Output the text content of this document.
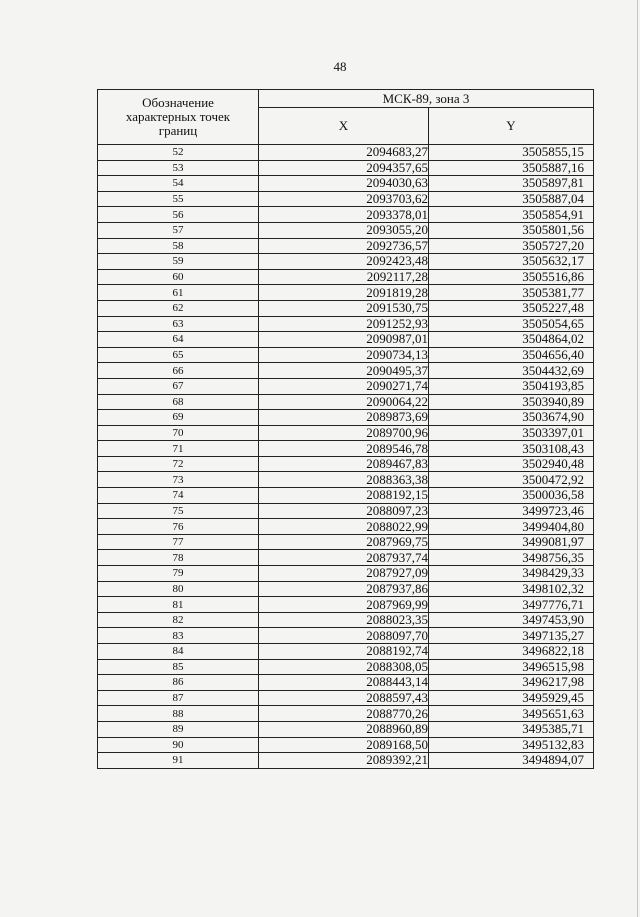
48
Обозначение
характерных точек
границ	МСК-89, зона 3	
	X	Y
52	2094683,27	3505855,15
53	2094357,65	3505887,16
54	2094030,63	3505897,81
55	2093703,62	3505887,04
56	2093378,01	3505854,91
57	2093055,20	3505801,56
58	2092736,57	3505727,20
59	2092423,48	3505632,17
60	2092117,28	3505516,86
61	2091819,28	3505381,77
62	2091530,75	3505227,48
63	2091252,93	3505054,65
64	2090987,01	3504864,02
65	2090734,13	3504656,40
66	2090495,37	3504432,69
67	2090271,74	3504193,85
68	2090064,22	3503940,89
69	2089873,69	3503674,90
70	2089700,96	3503397,01
71	2089546,78	3503108,43
72	2089467,83	3502940,48
73	2088363,38	3500472,92
74	2088192,15	3500036,58
75	2088097,23	3499723,46
76	2088022,99	3499404,80
77	2087969,75	3499081,97
78	2087937,74	3498756,35
79	2087927,09	3498429,33
80	2087937,86	3498102,32
81	2087969,99	3497776,71
82	2088023,35	3497453,90
83	2088097,70	3497135,27
84	2088192,74	3496822,18
85	2088308,05	3496515,98
86	2088443,14	3496217,98
87	2088597,43	3495929,45
88	2088770,26	3495651,63
89	2088960,89	3495385,71
90	2089168,50	3495132,83
91	2089392,21	3494894,07
